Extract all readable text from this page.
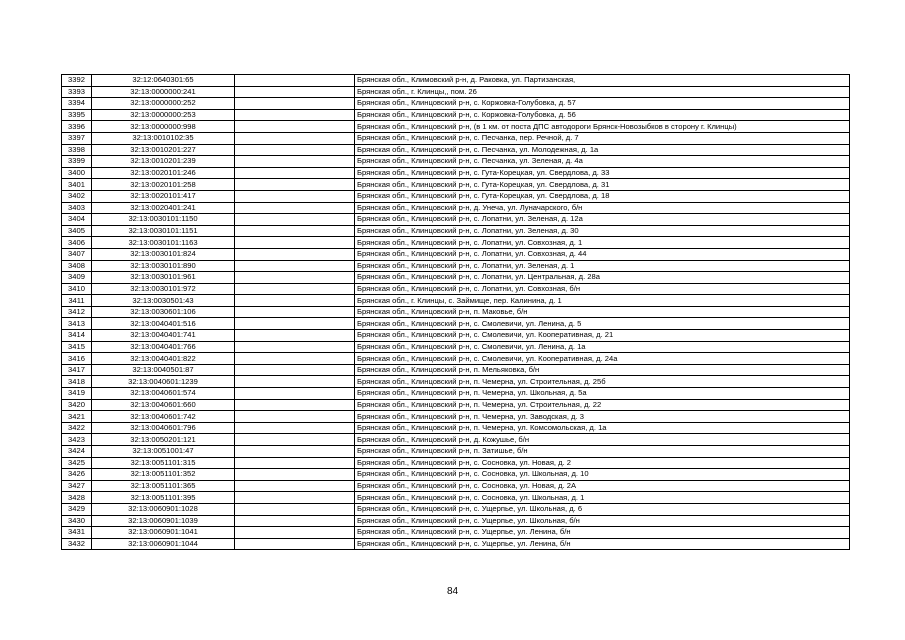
3392	32:12:0640301:65		Брянская обл., Климовский р-н, д. Раковка, ул. Партизанская,
3393	32:13:0000000:241		Брянская обл., г. Клинцы,, пом. 26
3394	32:13:0000000:252		Брянская обл., Клинцовский р-н, с. Коржовка-Голубовка, д. 57
3395	32:13:0000000:253		Брянская обл., Клинцовский р-н, с. Коржовка-Голубовка, д. 56
3396	32:13:0000000:998		Брянская обл., Клинцовский р-н, (в 1 км. от поста ДПС автодороги Брянск-Новозыбков в сторону г. Клинцы)
3397	32:13:0010102:35		Брянская обл., Клинцовский р-н, с. Песчанка, пер. Речной, д. 7
3398	32:13:0010201:227		Брянская обл., Клинцовский р-н, с. Песчанка, ул. Молодежная, д. 1а
3399	32:13:0010201:239		Брянская обл., Клинцовский р-н, с. Песчанка, ул. Зеленая, д. 4а
3400	32:13:0020101:246		Брянская обл., Клинцовский р-н, с. Гута-Корецкая, ул. Свердлова, д. 33
3401	32:13:0020101:258		Брянская обл., Клинцовский р-н, с. Гута-Корецкая, ул. Свердлова, д. 31
3402	32:13:0020101:417		Брянская обл., Клинцовский р-н, с. Гута-Корецкая, ул. Свердлова, д. 18
3403	32:13:0020401:241		Брянская обл., Клинцовский р-н, д. Унеча, ул. Луначарского, б/н
3404	32:13:0030101:1150		Брянская обл., Клинцовский р-н, с. Лопатни, ул. Зеленая, д. 12а
3405	32:13:0030101:1151		Брянская обл., Клинцовский р-н, с. Лопатни, ул. Зеленая, д. 30
3406	32:13:0030101:1163		Брянская обл., Клинцовский р-н, с. Лопатни, ул. Совхозная, д. 1
3407	32:13:0030101:824		Брянская обл., Клинцовский р-н, с. Лопатни, ул. Совхозная, д. 44
3408	32:13:0030101:890		Брянская обл., Клинцовский р-н, с. Лопатни, ул. Зеленая, д. 1
3409	32:13:0030101:961		Брянская обл., Клинцовский р-н, с. Лопатни, ул. Центральная, д. 28а
3410	32:13:0030101:972		Брянская обл., Клинцовский р-н, с. Лопатни, ул. Совхозная, б/н
3411	32:13:0030501:43		Брянская обл., г. Клинцы, с. Займище, пер. Калинина, д. 1
3412	32:13:0030601:106		Брянская обл., Клинцовский р-н, п. Маковье, б/н
3413	32:13:0040401:516		Брянская обл., Клинцовский р-н, с. Смолевичи, ул. Ленина, д. 5
3414	32:13:0040401:741		Брянская обл., Клинцовский р-н, с. Смолевичи, ул. Кооперативная, д. 21
3415	32:13:0040401:766		Брянская обл., Клинцовский р-н, с. Смолевичи, ул. Ленина, д. 1а
3416	32:13:0040401:822		Брянская обл., Клинцовский р-н, с. Смолевичи, ул. Кооперативная, д. 24а
3417	32:13:0040501:87		Брянская обл., Клинцовский р-н, п. Мельяковка, б/н
3418	32:13:0040601:1239		Брянская обл., Клинцовский р-н, п. Чемерна, ул. Строительная, д. 25б
3419	32:13:0040601:574		Брянская обл., Клинцовский р-н, п. Чемерна, ул. Школьная, д. 5а
3420	32:13:0040601:660		Брянская обл., Клинцовский р-н, п. Чемерна, ул. Строительная, д. 22
3421	32:13:0040601:742		Брянская обл., Клинцовский р-н, п. Чемерна, ул. Заводская, д. 3
3422	32:13:0040601:796		Брянская обл., Клинцовский р-н, п. Чемерна, ул. Комсомольская, д. 1а
3423	32:13:0050201:121		Брянская обл., Клинцовский р-н, д. Кожушье, б/н
3424	32:13:0051001:47		Брянская обл., Клинцовский р-н, п. Затишье, б/н
3425	32:13:0051101:315		Брянская обл., Клинцовский р-н, с. Сосновка, ул. Новая, д. 2
3426	32:13:0051101:352		Брянская обл., Клинцовский р-н, с. Сосновка, ул. Школьная, д. 10
3427	32:13:0051101:365		Брянская обл., Клинцовский р-н, с. Сосновка, ул. Новая, д. 2А
3428	32:13:0051101:395		Брянская обл., Клинцовский р-н, с. Сосновка, ул. Школьная, д. 1
3429	32:13:0060901:1028		Брянская обл., Клинцовский р-н, с. Ущерпье, ул. Школьная, д. 6
3430	32:13:0060901:1039		Брянская обл., Клинцовский р-н, с. Ущерпье, ул. Школьная, б/н
3431	32:13:0060901:1041		Брянская обл., Клинцовский р-н, с. Ущерпье, ул. Ленина, б/н
3432	32:13:0060901:1044		Брянская обл., Клинцовский р-н, с. Ущерпье, ул. Ленина, б/н
84
